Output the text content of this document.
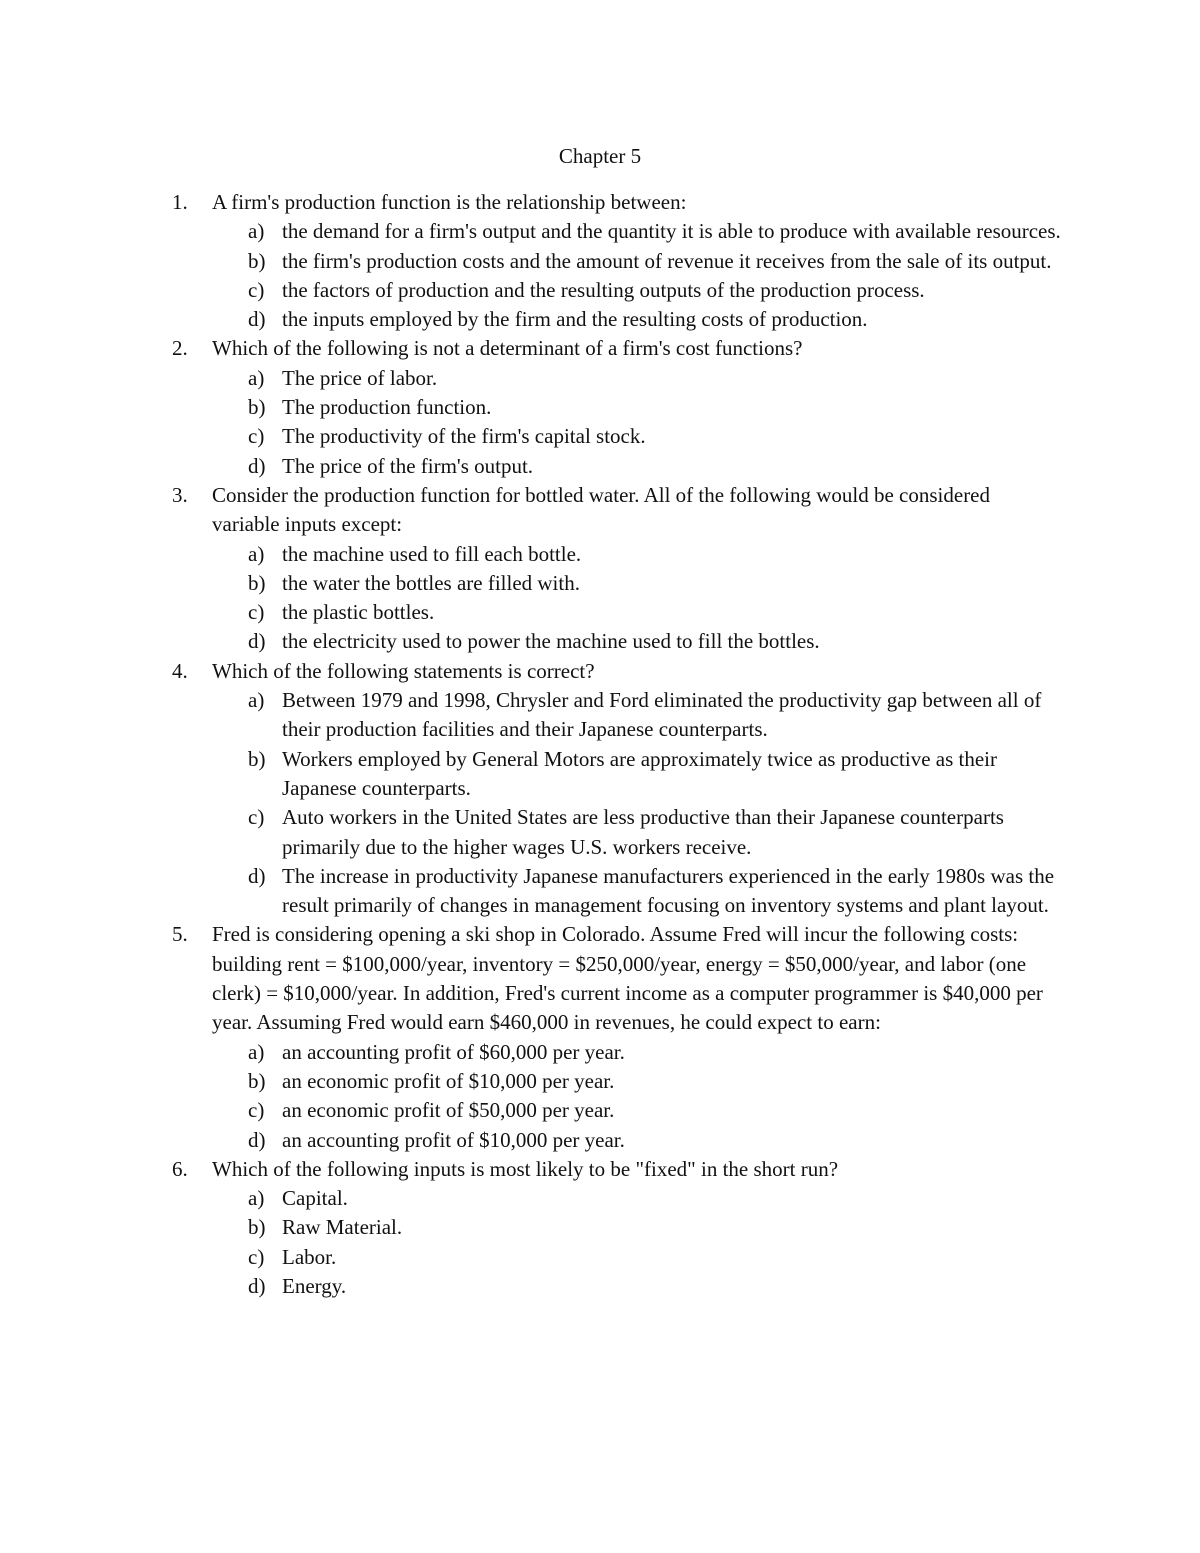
Chapter 5
1.	A firm's production function is the relationship between:
a) the demand for a firm's output and the quantity it is able to produce with available resources.
b) the firm's production costs and the amount of revenue it receives from the sale of its output.
c) the factors of production and the resulting outputs of the production process.
d) the inputs employed by the firm and the resulting costs of production.
2.	Which of the following is not a determinant of a firm's cost functions?
a) The price of labor.
b) The production function.
c) The productivity of the firm's capital stock.
d) The price of the firm's output.
3.	Consider the production function for bottled water. All of the following would be considered variable inputs except:
a) the machine used to fill each bottle.
b) the water the bottles are filled with.
c) the plastic bottles.
d) the electricity used to power the machine used to fill the bottles.
4.	Which of the following statements is correct?
a) Between 1979 and 1998, Chrysler and Ford eliminated the productivity gap between all of their production facilities and their Japanese counterparts.
b) Workers employed by General Motors are approximately twice as productive as their Japanese counterparts.
c) Auto workers in the United States are less productive than their Japanese counterparts primarily due to the higher wages U.S. workers receive.
d) The increase in productivity Japanese manufacturers experienced in the early 1980s was the result primarily of changes in management focusing on inventory systems and plant layout.
5.	Fred is considering opening a ski shop in Colorado. Assume Fred will incur the following costs: building rent = $100,000/year, inventory = $250,000/year, energy = $50,000/year, and labor (one clerk) = $10,000/year. In addition, Fred's current income as a computer programmer is $40,000 per year. Assuming Fred would earn $460,000 in revenues, he could expect to earn:
a) an accounting profit of $60,000 per year.
b) an economic profit of $10,000 per year.
c) an economic profit of $50,000 per year.
d) an accounting profit of $10,000 per year.
6.	Which of the following inputs is most likely to be "fixed" in the short run?
a) Capital.
b) Raw Material.
c) Labor.
d) Energy.
